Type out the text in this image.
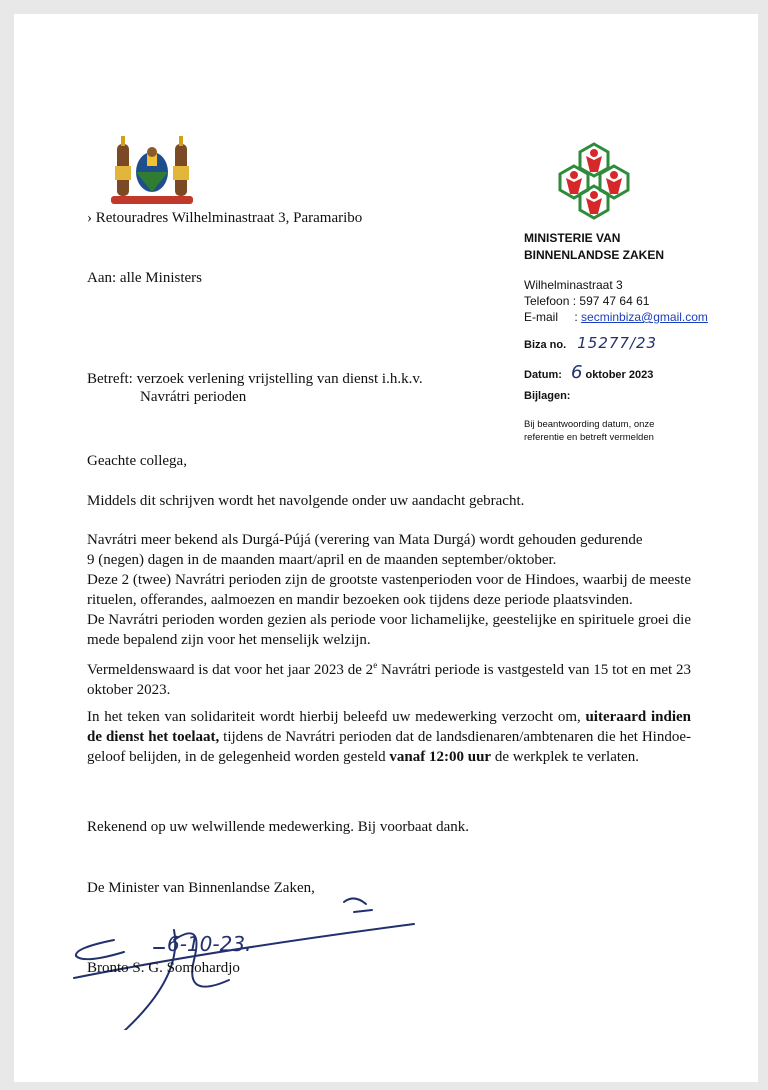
› Retouradres Wilhelminastraat 3, Paramaribo
MINISTERIE VAN
BINNENLANDSE ZAKEN
Wilhelminastraat 3
Telefoon : 597 47 64 61
E-mail : secminbiza@gmail.com
Biza no. 15277/23
Datum: 6 oktober 2023
Bijlagen:
Bij beantwoording datum, onze referentie en betreft vermelden
Aan: alle Ministers
Betreft: verzoek verlening vrijstelling van dienst i.h.k.v.
Navrátri perioden
Geachte collega,
Middels dit schrijven wordt het navolgende onder uw aandacht gebracht.
Navrátri meer bekend als Durgá-Pújá (verering van Mata Durgá) wordt gehouden gedurende
9 (negen) dagen in de maanden maart/april en de maanden september/oktober.
Deze 2 (twee) Navrátri perioden zijn de grootste vastenperioden voor de Hindoes, waarbij de meeste rituelen, offerandes, aalmoezen en mandir bezoeken ook tijdens deze periode plaatsvinden.
De Navrátri perioden worden gezien als periode voor lichamelijke, geestelijke en spirituele groei die mede bepalend zijn voor het menselijk welzijn.
Vermeldenswaard is dat voor het jaar 2023 de 2e Navrátri periode is vastgesteld van 15 tot en met 23 oktober 2023.
In het teken van solidariteit wordt hierbij beleefd uw medewerking verzocht om, uiteraard indien de dienst het toelaat, tijdens de Navrátri perioden dat de landsdienaren/ambtenaren die het Hindoe-geloof belijden, in de gelegenheid worden gesteld vanaf 12:00 uur de werkplek te verlaten.
Rekenend op uw welwillende medewerking. Bij voorbaat dank.
De Minister van Binnenlandse Zaken,
6-10-23.
Bronto S. G. Somohardjo
